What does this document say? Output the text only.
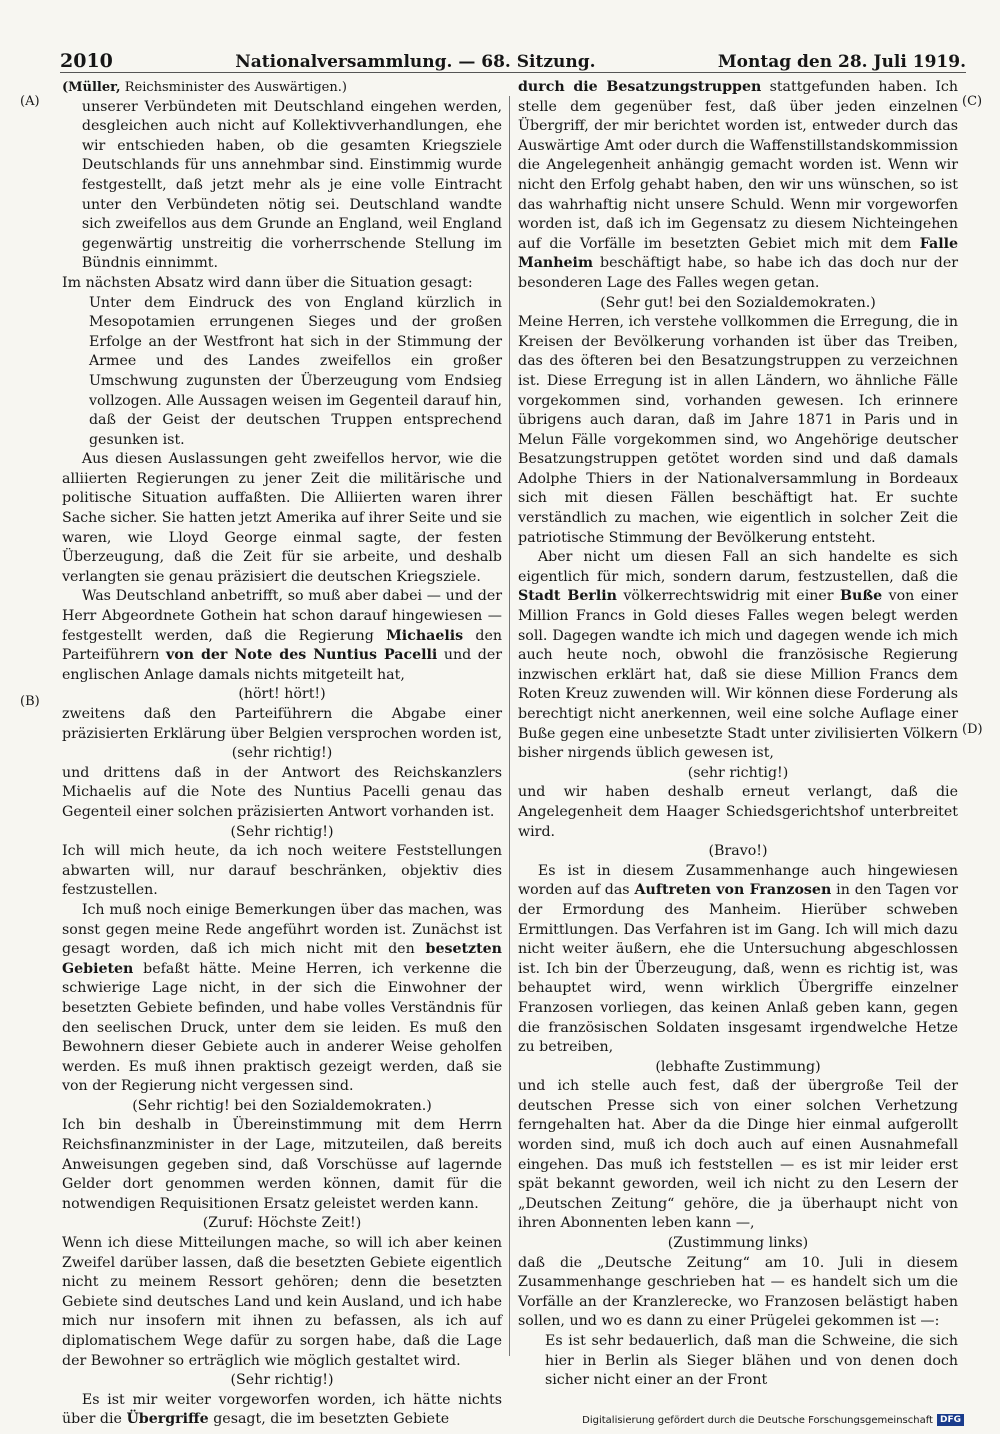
2010	Nationalversammlung. — 68. Sitzung.	Montag den 28. Juli 1919.
(A)
(B)
(C)
(D)

(Müller, Reichsminister des Auswärtigen.)

unserer Verbündeten mit Deutschland eingehen werden, desgleichen auch nicht auf Kollektivverhandlungen, ehe wir entschieden haben, ob die gesamten Kriegsziele Deutschlands für uns annehmbar sind. Einstimmig wurde festgestellt, daß jetzt mehr als je eine volle Eintracht unter den Verbündeten nötig sei. Deutschland wandte sich zweifellos aus dem Grunde an England, weil England gegenwärtig unstreitig die vorherrschende Stellung im Bündnis einnimmt.

Im nächsten Absatz wird dann über die Situation gesagt:

Unter dem Eindruck des von England kürzlich in Mesopotamien errungenen Sieges und der großen Erfolge an der Westfront hat sich in der Stimmung der Armee und des Landes zweifellos ein großer Umschwung zugunsten der Überzeugung vom Endsieg vollzogen. Alle Aussagen weisen im Gegenteil darauf hin, daß der Geist der deutschen Truppen entsprechend gesunken ist.

Aus diesen Auslassungen geht zweifellos hervor, wie die alliierten Regierungen zu jener Zeit die militärische und politische Situation auffaßten. Die Alliierten waren ihrer Sache sicher. Sie hatten jetzt Amerika auf ihrer Seite und sie waren, wie Lloyd George einmal sagte, der festen Überzeugung, daß die Zeit für sie arbeite, und deshalb verlangten sie genau präzisiert die deutschen Kriegsziele.

Was Deutschland anbetrifft, so muß aber dabei — und der Herr Abgeordnete Gothein hat schon darauf hingewiesen — festgestellt werden, daß die Regierung Michaelis den Parteiführern von der Note des Nuntius Pacelli und der englischen Anlage damals nichts mitgeteilt hat,

(hört! hört!)

zweitens daß den Parteiführern die Abgabe einer präzisierten Erklärung über Belgien versprochen worden ist,

(sehr richtig!)

und drittens daß in der Antwort des Reichskanzlers Michaelis auf die Note des Nuntius Pacelli genau das Gegenteil einer solchen präzisierten Antwort vorhanden ist.

(Sehr richtig!)

Ich will mich heute, da ich noch weitere Feststellungen abwarten will, nur darauf beschränken, objektiv dies festzustellen.

Ich muß noch einige Bemerkungen über das machen, was sonst gegen meine Rede angeführt worden ist. Zunächst ist gesagt worden, daß ich mich nicht mit den besetzten Gebieten befaßt hätte. Meine Herren, ich verkenne die schwierige Lage nicht, in der sich die Einwohner der besetzten Gebiete befinden, und habe volles Verständnis für den seelischen Druck, unter dem sie leiden. Es muß den Bewohnern dieser Gebiete auch in anderer Weise geholfen werden. Es muß ihnen praktisch gezeigt werden, daß sie von der Regierung nicht vergessen sind.

(Sehr richtig! bei den Sozialdemokraten.)

Ich bin deshalb in Übereinstimmung mit dem Herrn Reichsfinanzminister in der Lage, mitzuteilen, daß bereits Anweisungen gegeben sind, daß Vorschüsse auf lagernde Gelder dort genommen werden können, damit für die notwendigen Requisitionen Ersatz geleistet werden kann.

(Zuruf: Höchste Zeit!)

Wenn ich diese Mitteilungen mache, so will ich aber keinen Zweifel darüber lassen, daß die besetzten Gebiete eigentlich nicht zu meinem Ressort gehören; denn die besetzten Gebiete sind deutsches Land und kein Ausland, und ich habe mich nur insofern mit ihnen zu befassen, als ich auf diplomatischem Wege dafür zu sorgen habe, daß die Lage der Bewohner so erträglich wie möglich gestaltet wird.

(Sehr richtig!)

Es ist mir weiter vorgeworfen worden, ich hätte nichts über die Übergriffe gesagt, die im besetzten Gebiete

durch die Besatzungstruppen stattgefunden haben. Ich stelle dem gegenüber fest, daß über jeden einzelnen Übergriff, der mir berichtet worden ist, entweder durch das Auswärtige Amt oder durch die Waffenstillstandskommission die Angelegenheit anhängig gemacht worden ist. Wenn wir nicht den Erfolg gehabt haben, den wir uns wünschen, so ist das wahrhaftig nicht unsere Schuld. Wenn mir vorgeworfen worden ist, daß ich im Gegensatz zu diesem Nichteingehen auf die Vorfälle im besetzten Gebiet mich mit dem Falle Manheim beschäftigt habe, so habe ich das doch nur der besonderen Lage des Falles wegen getan.

(Sehr gut! bei den Sozialdemokraten.)

Meine Herren, ich verstehe vollkommen die Erregung, die in Kreisen der Bevölkerung vorhanden ist über das Treiben, das des öfteren bei den Besatzungstruppen zu verzeichnen ist. Diese Erregung ist in allen Ländern, wo ähnliche Fälle vorgekommen sind, vorhanden gewesen. Ich erinnere übrigens auch daran, daß im Jahre 1871 in Paris und in Melun Fälle vorgekommen sind, wo Angehörige deutscher Besatzungstruppen getötet worden sind und daß damals Adolphe Thiers in der Nationalversammlung in Bordeaux sich mit diesen Fällen beschäftigt hat. Er suchte verständlich zu machen, wie eigentlich in solcher Zeit die patriotische Stimmung der Bevölkerung entsteht.

Aber nicht um diesen Fall an sich handelte es sich eigentlich für mich, sondern darum, festzustellen, daß die Stadt Berlin völkerrechtswidrig mit einer Buße von einer Million Francs in Gold dieses Falles wegen belegt werden soll. Dagegen wandte ich mich und dagegen wende ich mich auch heute noch, obwohl die französische Regierung inzwischen erklärt hat, daß sie diese Million Francs dem Roten Kreuz zuwenden will. Wir können diese Forderung als berechtigt nicht anerkennen, weil eine solche Auflage einer Buße gegen eine unbesetzte Stadt unter zivilisierten Völkern bisher nirgends üblich gewesen ist,

(sehr richtig!)

und wir haben deshalb erneut verlangt, daß die Angelegenheit dem Haager Schiedsgerichtshof unterbreitet wird.

(Bravo!)

Es ist in diesem Zusammenhange auch hingewiesen worden auf das Auftreten von Franzosen in den Tagen vor der Ermordung des Manheim. Hierüber schweben Ermittlungen. Das Verfahren ist im Gang. Ich will mich dazu nicht weiter äußern, ehe die Untersuchung abgeschlossen ist. Ich bin der Überzeugung, daß, wenn es richtig ist, was behauptet wird, wenn wirklich Übergriffe einzelner Franzosen vorliegen, das keinen Anlaß geben kann, gegen die französischen Soldaten insgesamt irgendwelche Hetze zu betreiben,

(lebhafte Zustimmung)

und ich stelle auch fest, daß der übergroße Teil der deutschen Presse sich von einer solchen Verhetzung ferngehalten hat. Aber da die Dinge hier einmal aufgerollt worden sind, muß ich doch auch auf einen Ausnahmefall eingehen. Das muß ich feststellen — es ist mir leider erst spät bekannt geworden, weil ich nicht zu den Lesern der „Deutschen Zeitung“ gehöre, die ja überhaupt nicht von ihren Abonnenten leben kann —,

(Zustimmung links)

daß die „Deutsche Zeitung“ am 10. Juli in diesem Zusammenhange geschrieben hat — es handelt sich um die Vorfälle an der Kranzlerecke, wo Franzosen belästigt haben sollen, und wo es dann zu einer Prügelei gekommen ist —:

Es ist sehr bedauerlich, daß man die Schweine, die sich hier in Berlin als Sieger blähen und von denen doch sicher nicht einer an der Front

Digitalisierung gefördert durch die Deutsche Forschungsgemeinschaft DFG
